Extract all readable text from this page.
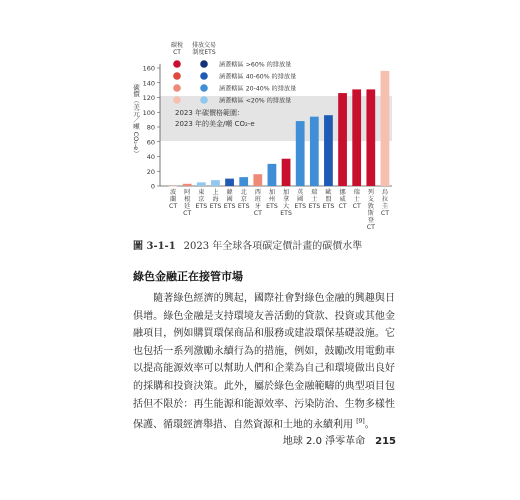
2023 年碳價格範圍：
2023 年的美金/噸 CO₂-e
0
20
40
60
80
100
120
140
160
碳價（美元／噸 CO₂-e）
波蘭 CT
阿根廷 CT
東京 ETS
上海 ETS
韓國 ETS
北京 ETS
西班牙 CT
加州 ETS
加拿大 ETS
英國 ETS
瑞士 ETS
歐盟 ETS
挪威 CT
瑞士 CT
列支敦斯登 CT
烏拉圭 CT
碳稅
CT
排放交易
制度ETS
涵蓋轄區 >60% 的排放量
涵蓋轄區 40-60% 的排放量
涵蓋轄區 20-40% 的排放量
涵蓋轄區 <20% 的排放量
圖 3-1-1 2023 年全球各項碳定價計畫的碳價水準
綠色金融正在接管市場
　　隨著綠色經濟的興起，國際社會對綠色金融的興趣與日俱增。綠色金融是支持環境友善活動的貸款、投資或其他金融項目，例如購買環保商品和服務或建設環保基礎設施。它也包括一系列激勵永續行為的措施，例如，鼓勵改用電動車以提高能源效率可以幫助人們和企業為自己和環境做出良好的採購和投資決策。此外，屬於綠色金融範疇的典型項目包括但不限於：再生能源和能源效率、污染防治、生物多樣性保護、循環經濟舉措、自然資源和土地的永續利用 [9]。
地球 2.0 淨零革命 215
